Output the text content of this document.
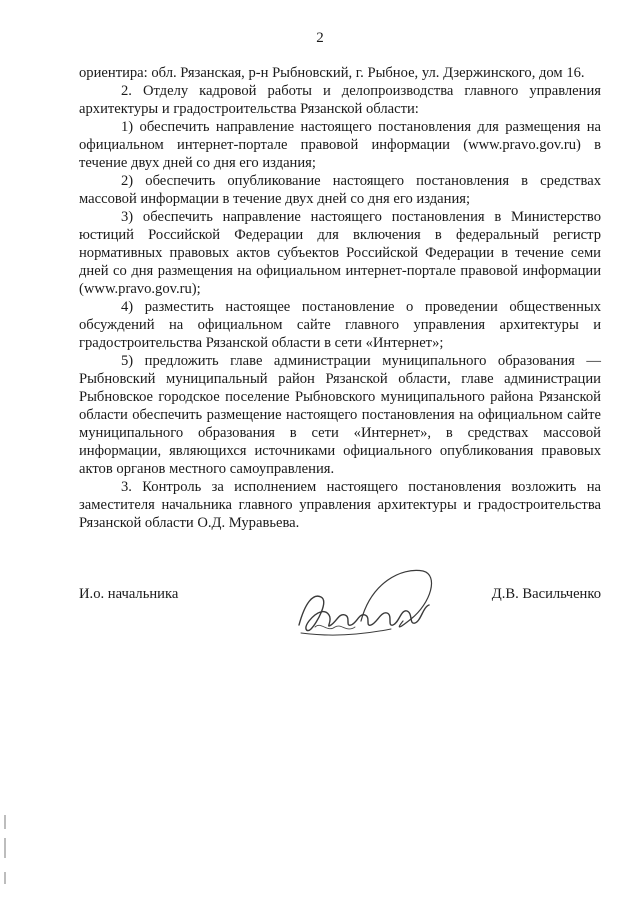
2

ориентира: обл. Рязанская, р-н Рыбновский, г. Рыбное, ул. Дзержинского, дом 16.

2. Отделу кадровой работы и делопроизводства главного управления архитектуры и градостроительства Рязанской области:

1) обеспечить направление настоящего постановления для размещения на официальном интернет-портале правовой информации (www.pravo.gov.ru) в течение двух дней со дня его издания;

2) обеспечить опубликование настоящего постановления в средствах массовой информации в течение двух дней со дня его издания;

3) обеспечить направление настоящего постановления в Министерство юстиций Российской Федерации для включения в федеральный регистр нормативных правовых актов субъектов Российской Федерации в течение семи дней со дня размещения на официальном интернет-портале правовой информации (www.pravo.gov.ru);

4) разместить настоящее постановление о проведении общественных обсуждений на официальном сайте главного управления архитектуры и градостроительства Рязанской области в сети «Интернет»;

5) предложить главе администрации муниципального образования — Рыбновский муниципальный район Рязанской области, главе администрации Рыбновское городское поселение Рыбновского муниципального района Рязанской области обеспечить размещение настоящего постановления на официальном сайте муниципального образования в сети «Интернет», в средствах массовой информации, являющихся источниками официального опубликования правовых актов органов местного самоуправления.

3. Контроль за исполнением настоящего постановления возложить на заместителя начальника главного управления архитектуры и градостроительства Рязанской области О.Д. Муравьева.

И.о. начальника	Д.В. Васильченко
